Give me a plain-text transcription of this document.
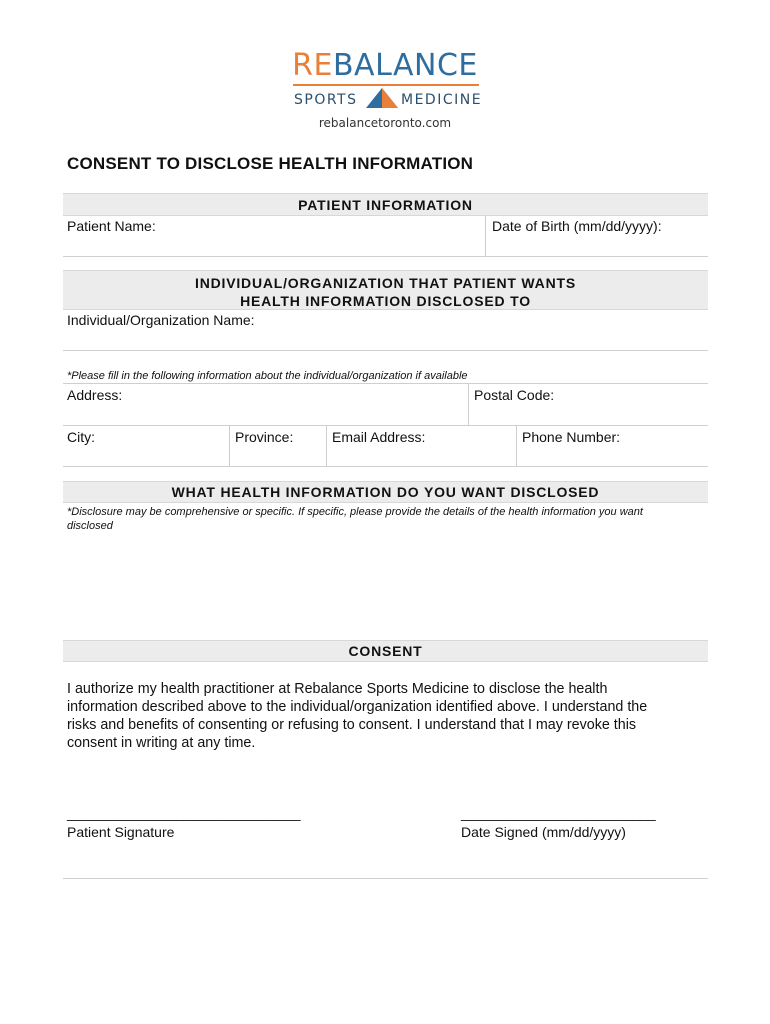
REBALANCE
SPORTS	MEDICINE
rebalancetoronto.com
CONSENT TO DISCLOSE HEALTH INFORMATION
PATIENT INFORMATION
Patient Name:	Date of Birth (mm/dd/yyyy):
INDIVIDUAL/ORGANIZATION THAT PATIENT WANTS
HEALTH INFORMATION DISCLOSED TO
Individual/Organization Name:
*Please fill in the following information about the individual/organization if available
Address:	Postal Code:
City:	Province:	Email Address:	Phone Number:
WHAT HEALTH INFORMATION DO YOU WANT DISCLOSED
*Disclosure may be comprehensive or specific. If specific, please provide the details of the health information you want
disclosed
CONSENT
I authorize my health practitioner at Rebalance Sports Medicine to disclose the health
information described above to the individual/organization identified above. I understand the
risks and benefits of consenting or refusing to consent. I understand that I may revoke this
consent in writing at any time.
______________________________	_________________________
Patient Signature	Date Signed (mm/dd/yyyy)
